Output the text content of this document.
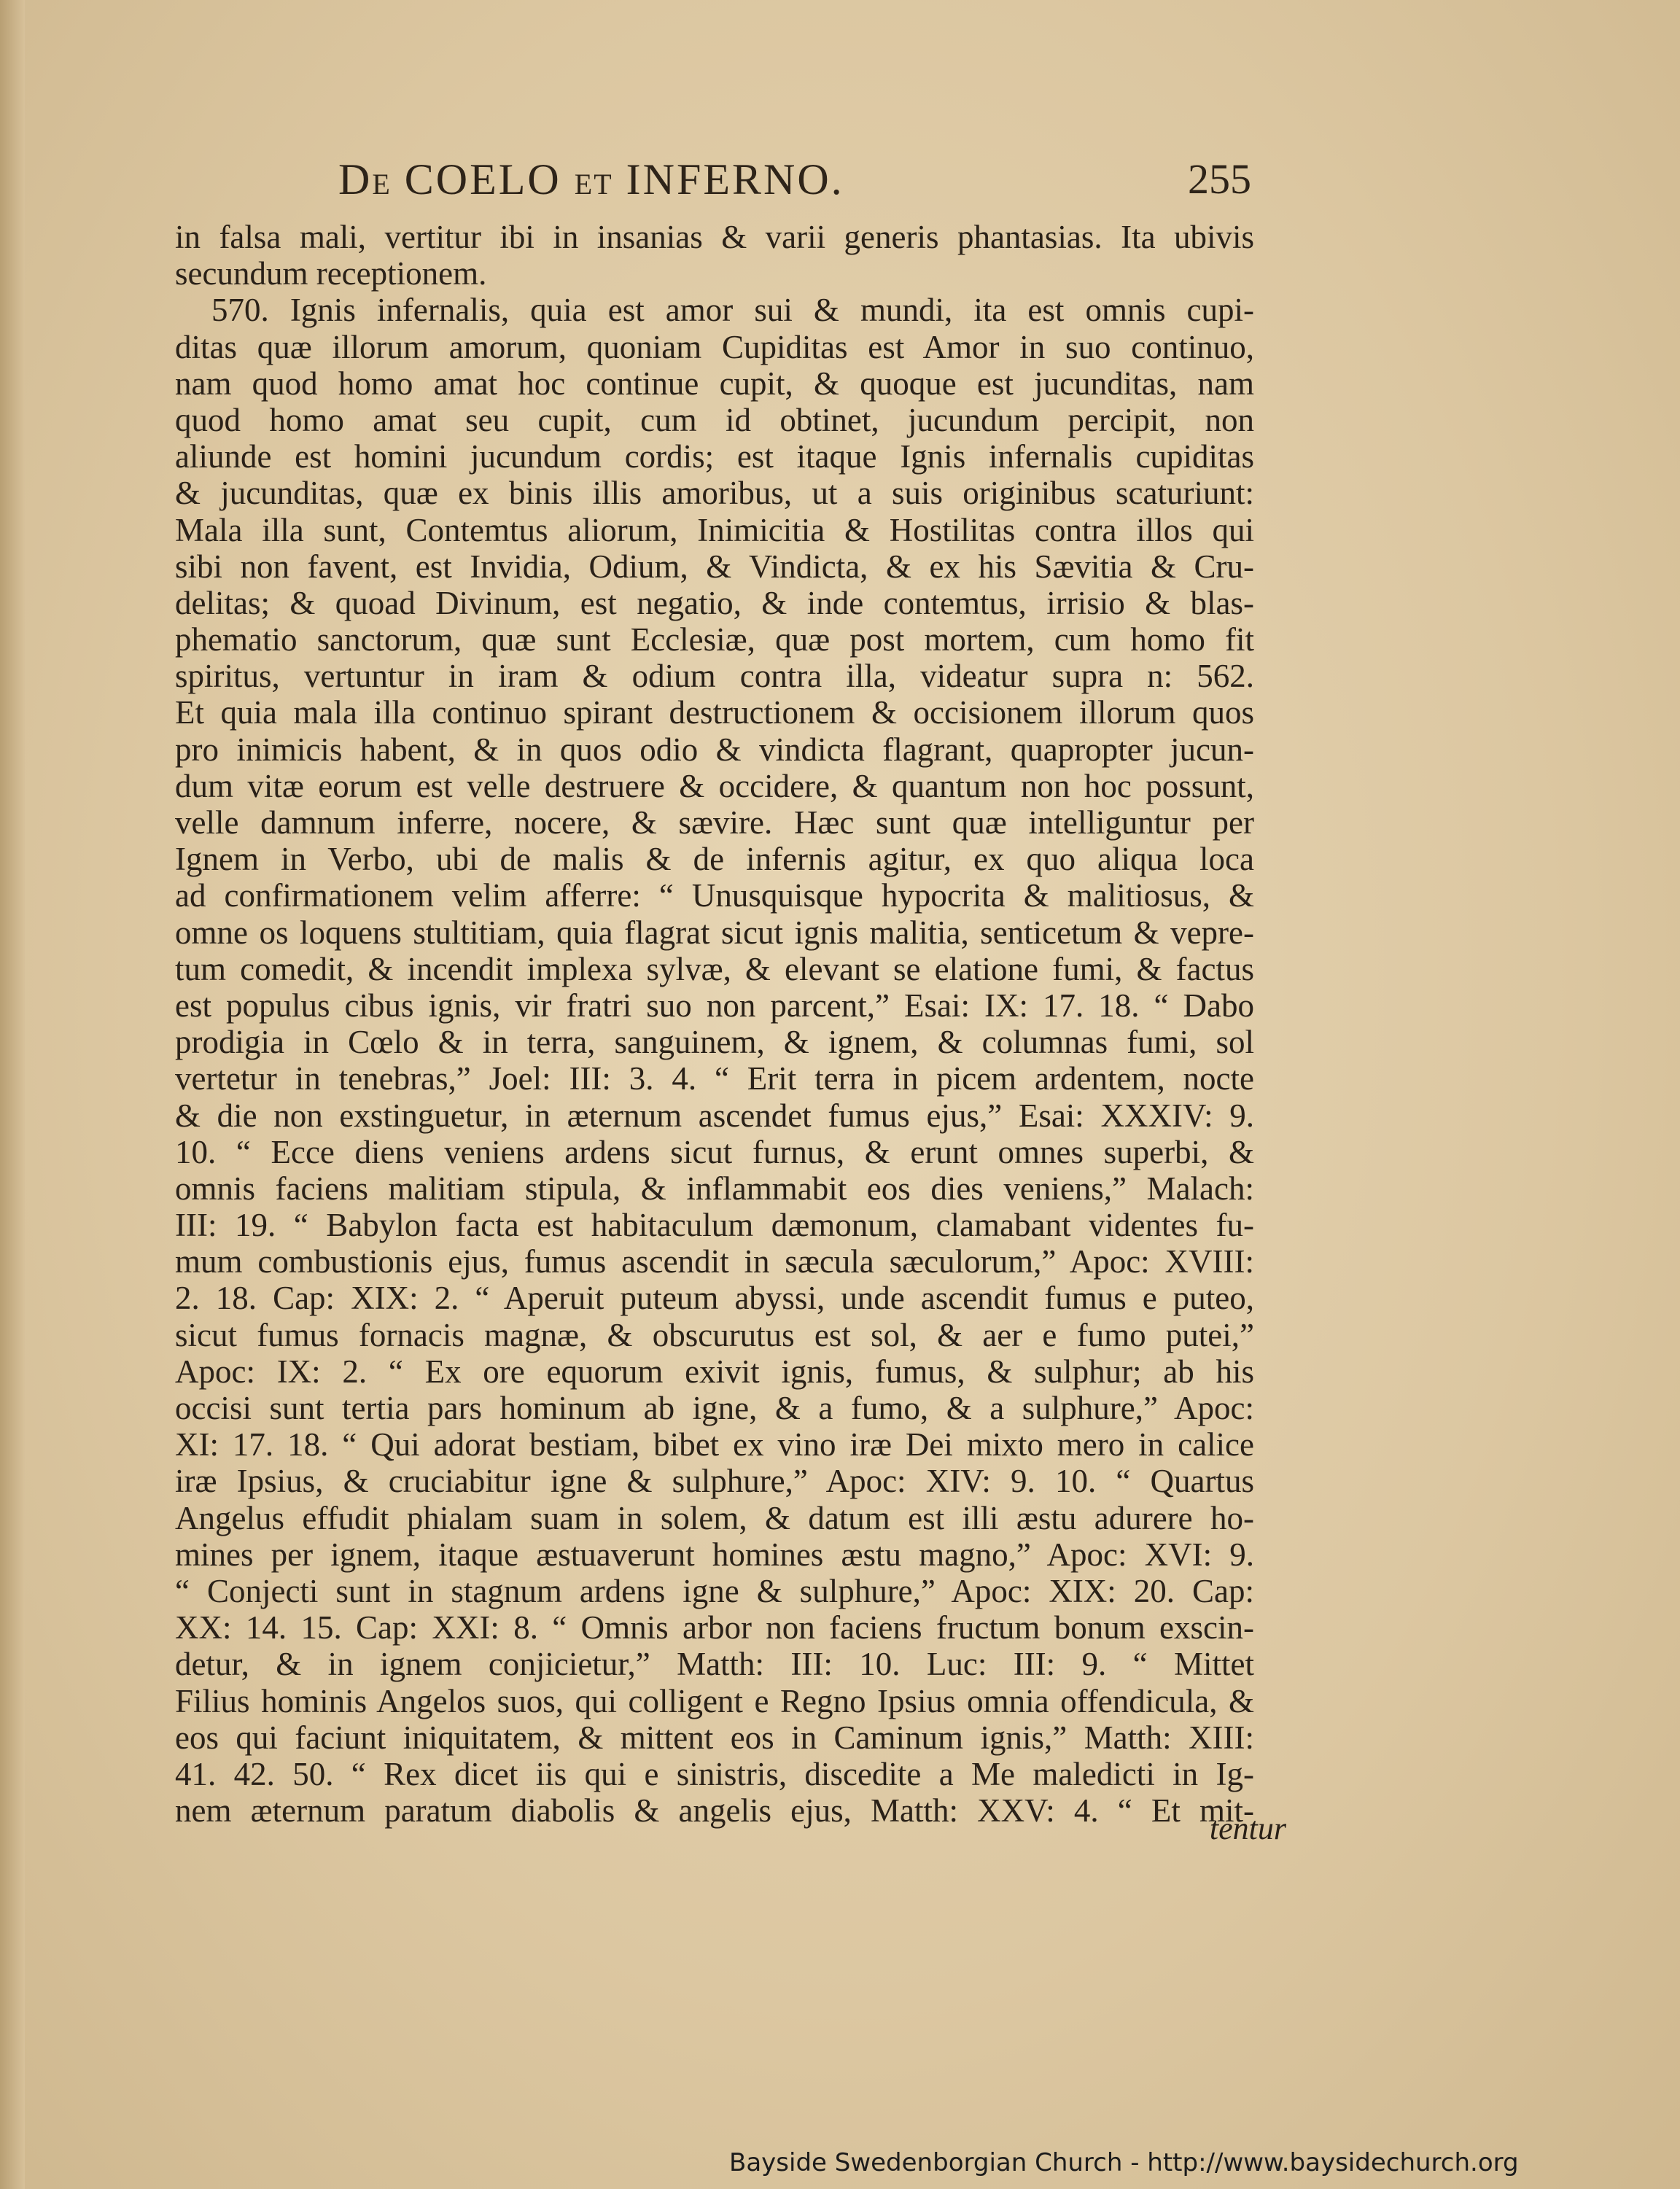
DE COELO ET INFERNO.	255
in falsa mali, vertitur ibi in insanias & varii generis phantasias. Ita ubivis
secundum receptionem.
570. Ignis infernalis, quia est amor sui & mundi, ita est omnis cupi-
ditas quæ illorum amorum, quoniam Cupiditas est Amor in suo continuo,
nam quod homo amat hoc continue cupit, & quoque est jucunditas, nam
quod homo amat seu cupit, cum id obtinet, jucundum percipit, non
aliunde est homini jucundum cordis; est itaque Ignis infernalis cupiditas
& jucunditas, quæ ex binis illis amoribus, ut a suis originibus scaturiunt:
Mala illa sunt, Contemtus aliorum, Inimicitia & Hostilitas contra illos qui
sibi non favent, est Invidia, Odium, & Vindicta, & ex his Sævitia & Cru-
delitas; & quoad Divinum, est negatio, & inde contemtus, irrisio & blas-
phematio sanctorum, quæ sunt Ecclesiæ, quæ post mortem, cum homo fit
spiritus, vertuntur in iram & odium contra illa, videatur supra n: 562.
Et quia mala illa continuo spirant destructionem & occisionem illorum quos
pro inimicis habent, & in quos odio & vindicta flagrant, quapropter jucun-
dum vitæ eorum est velle destruere & occidere, & quantum non hoc possunt,
velle damnum inferre, nocere, & sævire. Hæc sunt quæ intelliguntur per
Ignem in Verbo, ubi de malis & de infernis agitur, ex quo aliqua loca
ad confirmationem velim afferre: “ Unusquisque hypocrita & malitiosus, &
omne os loquens stultitiam, quia flagrat sicut ignis malitia, senticetum & vepre-
tum comedit, & incendit implexa sylvæ, & elevant se elatione fumi, & factus
est populus cibus ignis, vir fratri suo non parcent,” Esai: IX: 17. 18. “ Dabo
prodigia in Cœlo & in terra, sanguinem, & ignem, & columnas fumi, sol
vertetur in tenebras,” Joel: III: 3. 4. “ Erit terra in picem ardentem, nocte
& die non exstinguetur, in æternum ascendet fumus ejus,” Esai: XXXIV: 9.
10. “ Ecce diens veniens ardens sicut furnus, & erunt omnes superbi, &
omnis faciens malitiam stipula, & inflammabit eos dies veniens,” Malach:
III: 19. “ Babylon facta est habitaculum dæmonum, clamabant videntes fu-
mum combustionis ejus, fumus ascendit in sæcula sæculorum,” Apoc: XVIII:
2. 18. Cap: XIX: 2. “ Aperuit puteum abyssi, unde ascendit fumus e puteo,
sicut fumus fornacis magnæ, & obscurutus est sol, & aer e fumo putei,”
Apoc: IX: 2. “ Ex ore equorum exivit ignis, fumus, & sulphur; ab his
occisi sunt tertia pars hominum ab igne, & a fumo, & a sulphure,” Apoc:
XI: 17. 18. “ Qui adorat bestiam, bibet ex vino iræ Dei mixto mero in calice
iræ Ipsius, & cruciabitur igne & sulphure,” Apoc: XIV: 9. 10. “ Quartus
Angelus effudit phialam suam in solem, & datum est illi æstu adurere ho-
mines per ignem, itaque æstuaverunt homines æstu magno,” Apoc: XVI: 9.
“ Conjecti sunt in stagnum ardens igne & sulphure,” Apoc: XIX: 20. Cap:
XX: 14. 15. Cap: XXI: 8. “ Omnis arbor non faciens fructum bonum exscin-
detur, & in ignem conjicietur,” Matth: III: 10. Luc: III: 9. “ Mittet
Filius hominis Angelos suos, qui colligent e Regno Ipsius omnia offendicula, &
eos qui faciunt iniquitatem, & mittent eos in Caminum ignis,” Matth: XIII:
41. 42. 50. “ Rex dicet iis qui e sinistris, discedite a Me maledicti in Ig-
nem æternum paratum diabolis & angelis ejus, Matth: XXV: 4. “ Et mit-
tentur
Bayside Swedenborgian Church - http://www.baysidechurch.org
